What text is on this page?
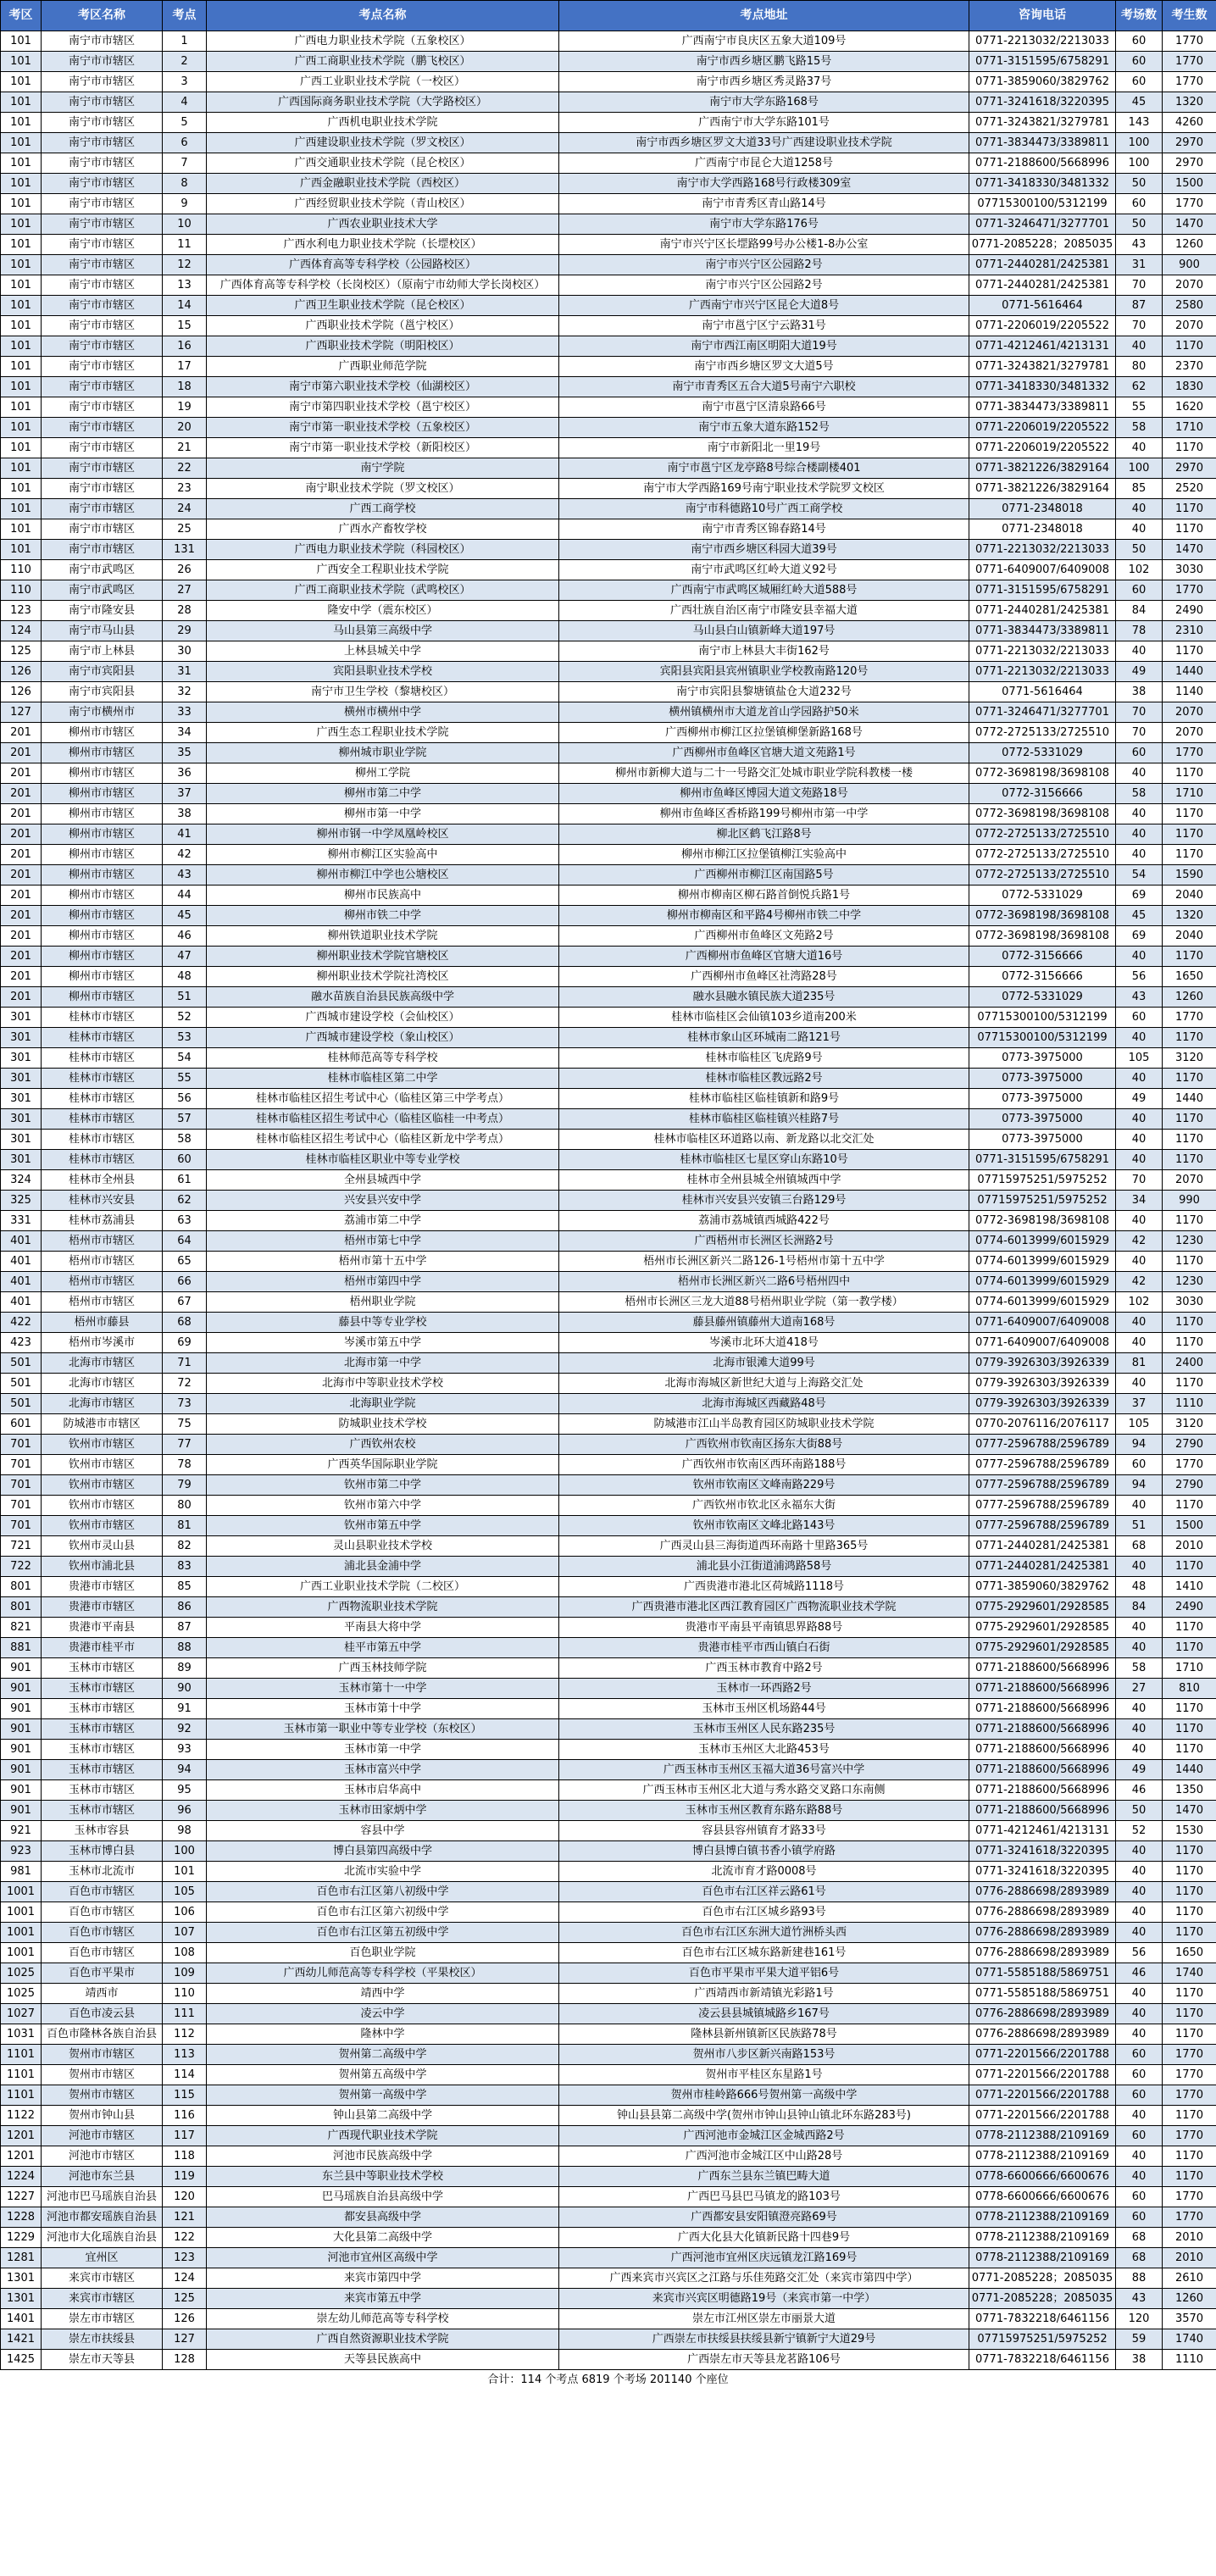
考区	考区名称	考点	考点名称	考点地址	咨询电话	考场数	考生数
101	南宁市市辖区	1	广西电力职业技术学院（五象校区）	广西南宁市良庆区五象大道109号	0771-2213032/2213033	60	1770
101	南宁市市辖区	2	广西工商职业技术学院（鹏飞校区）	南宁市西乡塘区鹏飞路15号	0771-3151595/6758291	60	1770
101	南宁市市辖区	3	广西工业职业技术学院（一校区）	南宁市西乡塘区秀灵路37号	0771-3859060/3829762	60	1770
101	南宁市市辖区	4	广西国际商务职业技术学院（大学路校区）	南宁市大学东路168号	0771-3241618/3220395	45	1320
101	南宁市市辖区	5	广西机电职业技术学院	广西南宁市大学东路101号	0771-3243821/3279781	143	4260
101	南宁市市辖区	6	广西建设职业技术学院（罗文校区）	南宁市西乡塘区罗文大道33号广西建设职业技术学院	0771-3834473/3389811	100	2970
101	南宁市市辖区	7	广西交通职业技术学院（昆仑校区）	广西南宁市昆仑大道1258号	0771-2188600/5668996	100	2970
101	南宁市市辖区	8	广西金融职业技术学院（西校区）	南宁市大学西路168号行政楼309室	0771-3418330/3481332	50	1500
101	南宁市市辖区	9	广西经贸职业技术学院（青山校区）	南宁市青秀区青山路14号	07715300100/5312199	60	1770
101	南宁市市辖区	10	广西农业职业技术大学	南宁市大学东路176号	0771-3246471/3277701	50	1470
101	南宁市市辖区	11	广西水利电力职业技术学院（长堽校区）	南宁市兴宁区长堽路99号办公楼1-8办公室	0771-2085228；2085035	43	1260
101	南宁市市辖区	12	广西体育高等专科学校（公园路校区）	南宁市兴宁区公园路2号	0771-2440281/2425381	31	900
101	南宁市市辖区	13	广西体育高等专科学校（长岗校区）（原南宁市幼师大学长岗校区）	南宁市兴宁区公园路2号	0771-2440281/2425381	70	2070
101	南宁市市辖区	14	广西卫生职业技术学院（昆仑校区）	广西南宁市兴宁区昆仑大道8号	0771-5616464	87	2580
101	南宁市市辖区	15	广西职业技术学院（邕宁校区）	南宁市邕宁区宁云路31号	0771-2206019/2205522	70	2070
101	南宁市市辖区	16	广西职业技术学院（明阳校区）	南宁市西江南区明阳大道19号	0771-4212461/4213131	40	1170
101	南宁市市辖区	17	广西职业师范学院	南宁市西乡塘区罗文大道5号	0771-3243821/3279781	80	2370
101	南宁市市辖区	18	南宁市第六职业技术学校（仙湖校区）	南宁市青秀区五合大道5号南宁六职校	0771-3418330/3481332	62	1830
101	南宁市市辖区	19	南宁市第四职业技术学校（邕宁校区）	南宁市邕宁区清泉路66号	0771-3834473/3389811	55	1620
101	南宁市市辖区	20	南宁市第一职业技术学校（五象校区）	南宁市五象大道东路152号	0771-2206019/2205522	58	1710
101	南宁市市辖区	21	南宁市第一职业技术学校（新阳校区）	南宁市新阳北一里19号	0771-2206019/2205522	40	1170
101	南宁市市辖区	22	南宁学院	南宁市邕宁区龙亭路8号综合楼副楼401	0771-3821226/3829164	100	2970
101	南宁市市辖区	23	南宁职业技术学院（罗文校区）	南宁市大学西路169号南宁职业技术学院罗文校区	0771-3821226/3829164	85	2520
101	南宁市市辖区	24	广西工商学校	南宁市科德路10号广西工商学校	0771-2348018	40	1170
101	南宁市市辖区	25	广西水产畜牧学校	南宁市青秀区锦春路14号	0771-2348018	40	1170
101	南宁市市辖区	131	广西电力职业技术学院（科园校区）	南宁市西乡塘区科园大道39号	0771-2213032/2213033	50	1470
110	南宁市武鸣区	26	广西安全工程职业技术学院	南宁市武鸣区红岭大道义92号	0771-6409007/6409008	102	3030
110	南宁市武鸣区	27	广西工商职业技术学院（武鸣校区）	广西南宁市武鸣区城厢红岭大道588号	0771-3151595/6758291	60	1770
123	南宁市隆安县	28	隆安中学（震东校区）	广西壮族自治区南宁市隆安县幸福大道	0771-2440281/2425381	84	2490
124	南宁市马山县	29	马山县第三高级中学	马山县白山镇新峰大道197号	0771-3834473/3389811	78	2310
125	南宁市上林县	30	上林县城关中学	南宁市上林县大丰街162号	0771-2213032/2213033	40	1170
126	南宁市宾阳县	31	宾阳县职业技术学校	宾阳县宾阳县宾州镇职业学校教南路120号	0771-2213032/2213033	49	1440
126	南宁市宾阳县	32	南宁市卫生学校（黎塘校区）	南宁市宾阳县黎塘镇盐仓大道232号	0771-5616464	38	1140
127	南宁市横州市	33	横州市横州中学	横州镇横州市大道龙首山学园路护50米	0771-3246471/3277701	70	2070
201	柳州市市辖区	34	广西生态工程职业技术学院	广西柳州市柳江区拉堡镇柳堡新路168号	0772-2725133/2725510	70	2070
201	柳州市市辖区	35	柳州城市职业学院	广西柳州市鱼峰区官塘大道文苑路1号	0772-5331029	60	1770
201	柳州市市辖区	36	柳州工学院	柳州市新柳大道与二十一号路交汇处城市职业学院科教楼一楼	0772-3698198/3698108	40	1170
201	柳州市市辖区	37	柳州市第二中学	柳州市鱼峰区博园大道文苑路18号	0772-3156666	58	1710
201	柳州市市辖区	38	柳州市第一中学	柳州市鱼峰区香桥路199号柳州市第一中学	0772-3698198/3698108	40	1170
201	柳州市市辖区	41	柳州市钢一中学凤凰岭校区	柳北区鹤飞江路8号	0772-2725133/2725510	40	1170
201	柳州市市辖区	42	柳州市柳江区实验高中	柳州市柳江区拉堡镇柳江实验高中	0772-2725133/2725510	40	1170
201	柳州市市辖区	43	柳州市柳江中学也公塘校区	广西柳州市柳江区南国路5号	0772-2725133/2725510	54	1590
201	柳州市市辖区	44	柳州市民族高中	柳州市柳南区柳石路首倒悦兵路1号	0772-5331029	69	2040
201	柳州市市辖区	45	柳州市铁二中学	柳州市柳南区和平路4号柳州市铁二中学	0772-3698198/3698108	45	1320
201	柳州市市辖区	46	柳州铁道职业技术学院	广西柳州市鱼峰区文苑路2号	0772-3698198/3698108	69	2040
201	柳州市市辖区	47	柳州职业技术学院官塘校区	广西柳州市鱼峰区官塘大道16号	0772-3156666	40	1170
201	柳州市市辖区	48	柳州职业技术学院社湾校区	广西柳州市鱼峰区社湾路28号	0772-3156666	56	1650
201	柳州市市辖区	51	融水苗族自治县民族高级中学	融水县融水镇民族大道235号	0772-5331029	43	1260
301	桂林市市辖区	52	广西城市建设学校（会仙校区）	桂林市临桂区会仙镇103乡道南200米	07715300100/5312199	60	1770
301	桂林市市辖区	53	广西城市建设学校（象山校区）	桂林市象山区环城南二路121号	07715300100/5312199	40	1170
301	桂林市市辖区	54	桂林师范高等专科学校	桂林市临桂区飞虎路9号	0773-3975000	105	3120
301	桂林市市辖区	55	桂林市临桂区第二中学	桂林市临桂区教远路2号	0773-3975000	40	1170
301	桂林市市辖区	56	桂林市临桂区招生考试中心（临桂区第三中学考点）	桂林市临桂区临桂镇新和路9号	0773-3975000	49	1440
301	桂林市市辖区	57	桂林市临桂区招生考试中心（临桂区临桂一中考点）	桂林市临桂区临桂镇兴桂路7号	0773-3975000	40	1170
301	桂林市市辖区	58	桂林市临桂区招生考试中心（临桂区新龙中学考点）	桂林市临桂区环道路以南、新龙路以北交汇处	0773-3975000	40	1170
301	桂林市市辖区	60	桂林市临桂区职业中等专业学校	桂林市临桂区七星区穿山东路10号	0771-3151595/6758291	40	1170
324	桂林市全州县	61	全州县城西中学	桂林市全州县城全州镇城西中学	07715975251/5975252	70	2070
325	桂林市兴安县	62	兴安县兴安中学	桂林市兴安县兴安镇三台路129号	07715975251/5975252	34	990
331	桂林市荔浦县	63	荔浦市第二中学	荔浦市荔城镇西城路422号	0772-3698198/3698108	40	1170
401	梧州市市辖区	64	梧州市第七中学	广西梧州市长洲区长洲路2号	0774-6013999/6015929	42	1230
401	梧州市市辖区	65	梧州市第十五中学	梧州市长洲区新兴二路126-1号梧州市第十五中学	0774-6013999/6015929	40	1170
401	梧州市市辖区	66	梧州市第四中学	梧州市长洲区新兴二路6号梧州四中	0774-6013999/6015929	42	1230
401	梧州市市辖区	67	梧州职业学院	梧州市长洲区三龙大道88号梧州职业学院（第一教学楼）	0774-6013999/6015929	102	3030
422	梧州市藤县	68	藤县中等专业学校	藤县藤州镇藤州大道南168号	0771-6409007/6409008	40	1170
423	梧州市岑溪市	69	岑溪市第五中学	岑溪市北环大道418号	0771-6409007/6409008	40	1170
501	北海市市辖区	71	北海市第一中学	北海市银滩大道99号	0779-3926303/3926339	81	2400
501	北海市市辖区	72	北海市中等职业技术学校	北海市海城区新世纪大道与上海路交汇处	0779-3926303/3926339	40	1170
501	北海市市辖区	73	北海职业学院	北海市海城区西藏路48号	0779-3926303/3926339	37	1110
601	防城港市市辖区	75	防城职业技术学校	防城港市江山半岛教育园区防城职业技术学院	0770-2076116/2076117	105	3120
701	钦州市市辖区	77	广西钦州农校	广西钦州市钦南区扬东大街88号	0777-2596788/2596789	94	2790
701	钦州市市辖区	78	广西英华国际职业学院	广西钦州市钦南区西环南路188号	0777-2596788/2596789	60	1770
701	钦州市市辖区	79	钦州市第二中学	钦州市钦南区文峰南路229号	0777-2596788/2596789	94	2790
701	钦州市市辖区	80	钦州市第六中学	广西钦州市钦北区永福东大街	0777-2596788/2596789	40	1170
701	钦州市市辖区	81	钦州市第五中学	钦州市钦南区文峰北路143号	0777-2596788/2596789	51	1500
721	钦州市灵山县	82	灵山县职业技术学校	广西灵山县三海街道西环南路十里路365号	0771-2440281/2425381	68	2010
722	钦州市浦北县	83	浦北县金浦中学	浦北县小江街道浦鸿路58号	0771-2440281/2425381	40	1170
801	贵港市市辖区	85	广西工业职业技术学院（二校区）	广西贵港市港北区荷城路1118号	0771-3859060/3829762	48	1410
801	贵港市市辖区	86	广西物流职业技术学院	广西贵港市港北区西江教育园区广西物流职业技术学院	0775-2929601/2928585	84	2490
821	贵港市平南县	87	平南县大将中学	贵港市平南县平南镇思界路88号	0775-2929601/2928585	40	1170
881	贵港市桂平市	88	桂平市第五中学	贵港市桂平市西山镇白石街	0775-2929601/2928585	40	1170
901	玉林市市辖区	89	广西玉林技师学院	广西玉林市教育中路2号	0771-2188600/5668996	58	1710
901	玉林市市辖区	90	玉林市第十一中学	玉林市一环西路2号	0771-2188600/5668996	27	810
901	玉林市市辖区	91	玉林市第十中学	玉林市玉州区机场路44号	0771-2188600/5668996	40	1170
901	玉林市市辖区	92	玉林市第一职业中等专业学校（东校区）	玉林市玉州区人民东路235号	0771-2188600/5668996	40	1170
901	玉林市市辖区	93	玉林市第一中学	玉林市玉州区大北路453号	0771-2188600/5668996	40	1170
901	玉林市市辖区	94	玉林市富兴中学	广西玉林市玉州区玉福大道36号富兴中学	0771-2188600/5668996	49	1440
901	玉林市市辖区	95	玉林市启华高中	广西玉林市玉州区北大道与秀水路交叉路口东南侧	0771-2188600/5668996	46	1350
901	玉林市市辖区	96	玉林市田家炳中学	玉林市玉州区教育东路东路88号	0771-2188600/5668996	50	1470
921	玉林市容县	98	容县中学	容县县容州镇育才路33号	0771-4212461/4213131	52	1530
923	玉林市博白县	100	博白县第四高级中学	博白县博白镇书香小镇学府路	0771-3241618/3220395	40	1170
981	玉林市北流市	101	北流市实验中学	北流市育才路0008号	0771-3241618/3220395	40	1170
1001	百色市市辖区	105	百色市右江区第八初级中学	百色市右江区祥云路61号	0776-2886698/2893989	40	1170
1001	百色市市辖区	106	百色市右江区第六初级中学	百色市右江区城乡路93号	0776-2886698/2893989	40	1170
1001	百色市市辖区	107	百色市右江区第五初级中学	百色市右江区东洲大道竹洲桥头西	0776-2886698/2893989	40	1170
1001	百色市市辖区	108	百色职业学院	百色市右江区城东路新建巷161号	0776-2886698/2893989	56	1650
1025	百色市平果市	109	广西幼儿师范高等专科学校（平果校区）	百色市平果市平果大道平铝6号	0771-5585188/5869751	46	1740
1025	靖西市	110	靖西中学	广西靖西市新靖镇光彩路1号	0771-5585188/5869751	40	1170
1027	百色市凌云县	111	凌云中学	凌云县县城镇城路乡167号	0776-2886698/2893989	40	1170
1031	百色市隆林各族自治县	112	隆林中学	隆林县新州镇新区民族路78号	0776-2886698/2893989	40	1170
1101	贺州市市辖区	113	贺州第二高级中学	贺州市八步区新兴南路153号	0771-2201566/2201788	60	1770
1101	贺州市市辖区	114	贺州第五高级中学	贺州市平桂区东星路1号	0771-2201566/2201788	60	1770
1101	贺州市市辖区	115	贺州第一高级中学	贺州市桂岭路666号贺州第一高级中学	0771-2201566/2201788	60	1770
1122	贺州市钟山县	116	钟山县第二高级中学	钟山县县第二高级中学(贺州市钟山县钟山镇北环东路283号)	0771-2201566/2201788	40	1170
1201	河池市市辖区	117	广西现代职业技术学院	广西河池市金城江区金城西路2号	0778-2112388/2109169	60	1770
1201	河池市市辖区	118	河池市民族高级中学	广西河池市金城江区中山路28号	0778-2112388/2109169	40	1170
1224	河池市东兰县	119	东兰县中等职业技术学校	广西东兰县东兰镇巴畴大道	0778-6600666/6600676	40	1170
1227	河池市巴马瑶族自治县	120	巴马瑶族自治县高级中学	广西巴马县巴马镇龙的路103号	0778-6600666/6600676	60	1770
1228	河池市都安瑶族自治县	121	都安县高级中学	广西都安县安阳镇澄亮路69号	0778-2112388/2109169	60	1770
1229	河池市大化瑶族自治县	122	大化县第二高级中学	广西大化县大化镇新民路十四巷9号	0778-2112388/2109169	68	2010
1281	宜州区	123	河池市宜州区高级中学	广西河池市宜州区庆远镇龙江路169号	0778-2112388/2109169	68	2010
1301	来宾市市辖区	124	来宾市第四中学	广西来宾市兴宾区之江路与乐佳苑路交汇处（来宾市第四中学）	0771-2085228；2085035	88	2610
1301	来宾市市辖区	125	来宾市第五中学	来宾市兴宾区明德路19号（来宾市第一中学）	0771-2085228；2085035	43	1260
1401	崇左市市辖区	126	崇左幼儿师范高等专科学校	崇左市江州区崇左市丽景大道	0771-7832218/6461156	120	3570
1421	崇左市扶绥县	127	广西自然资源职业技术学院	广西崇左市扶绥县扶绥县新宁镇新宁大道29号	07715975251/5975252	59	1740
1425	崇左市天等县	128	天等县民族高中	广西崇左市天等县龙茗路106号	0771-7832218/6461156	38	1110
合计：114 个考点 6819 个考场 201140 个座位
